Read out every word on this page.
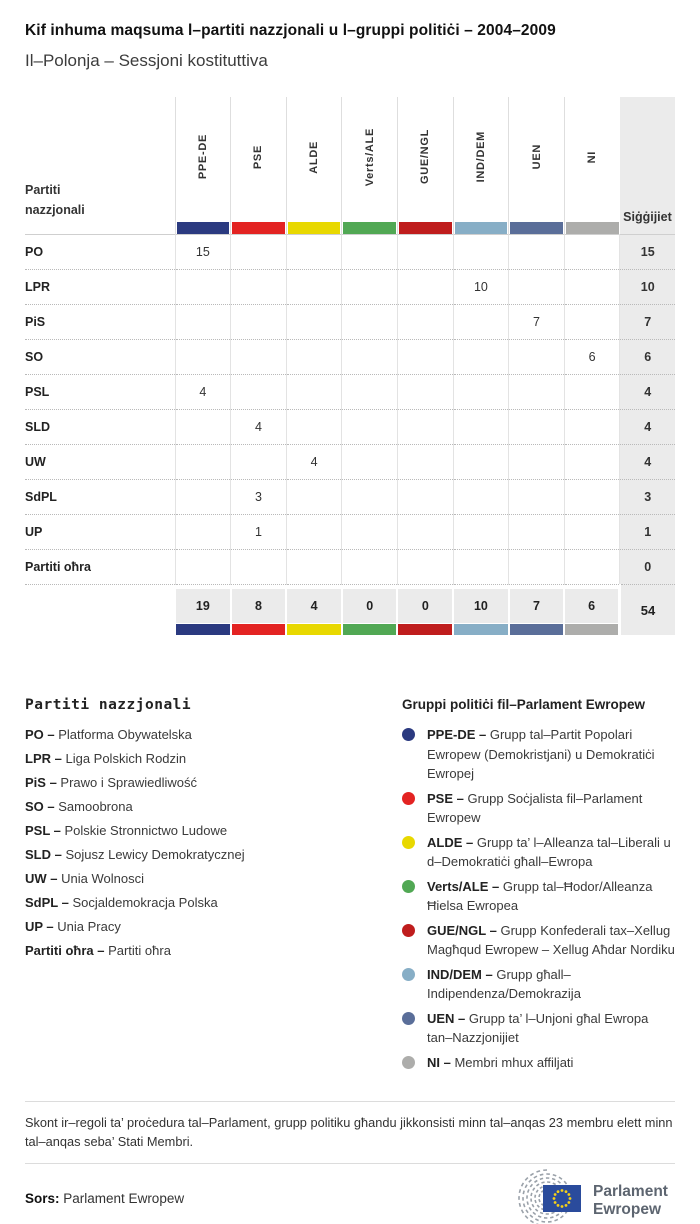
Kif inhuma maqsuma l–partiti nazzjonali u l–gruppi politiċi – 2004–2009
Il–Polonja – Sessjoni kostituttiva
Partiti nazzjonali	PPE-DE	PSE	ALDE	Verts/ALE	GUE/NGL	IND/DEM	UEN	NI	Siġġijiet

PO	15								15
LPR						10			10
PiS							7		7
SO								6	6
PSL	4								4
SLD		4							4
UW			4						4
SdPL		3							3
UP		1							1
Partiti oħra									0

19	8	4	0	0	10	7	6	54

Partiti nazzjonali

PO – Platforma Obywatelska

LPR – Liga Polskich Rodzin

PiS – Prawo i Sprawiedliwość

SO – Samoobrona

PSL – Polskie Stronnictwo Ludowe

SLD – Sojusz Lewicy Demokratycznej

UW – Unia Wolnosci

SdPL – Socjaldemokracja Polska

UP – Unia Pracy

Partiti oħra – Partiti oħra

Gruppi politiċi fil–Parlament Ewropew
PPE-DE – Grupp tal–Partit Popolari Ewropew (Demokristjani) u Demokratiċi Ewropej
PSE – Grupp Soċjalista fil–Parlament Ewropew
ALDE – Grupp ta’ l–Alleanza tal–Liberali u d–Demokratiċi għall–Ewropa
Verts/ALE – Grupp tal–Ħodor/Alleanza Ħielsa Ewropea
GUE/NGL – Grupp Konfederali tax–Xellug Magħqud Ewropew – Xellug Aħdar Nordiku
IND/DEM – Grupp għall–Indipendenza/Demokrazija
UEN – Grupp ta’ l–Unjoni għal Ewropa tan–Nazzjonijiet
NI – Membri mhux affiljati
Skont ir–regoli ta’ proċedura tal–Parlament, grupp politiku għandu jikkonsisti minn tal–anqas 23 membru elett minn tal–anqas seba’ Stati Membri.
Sors: Parlament Ewropew	Parlament
Ewropew
